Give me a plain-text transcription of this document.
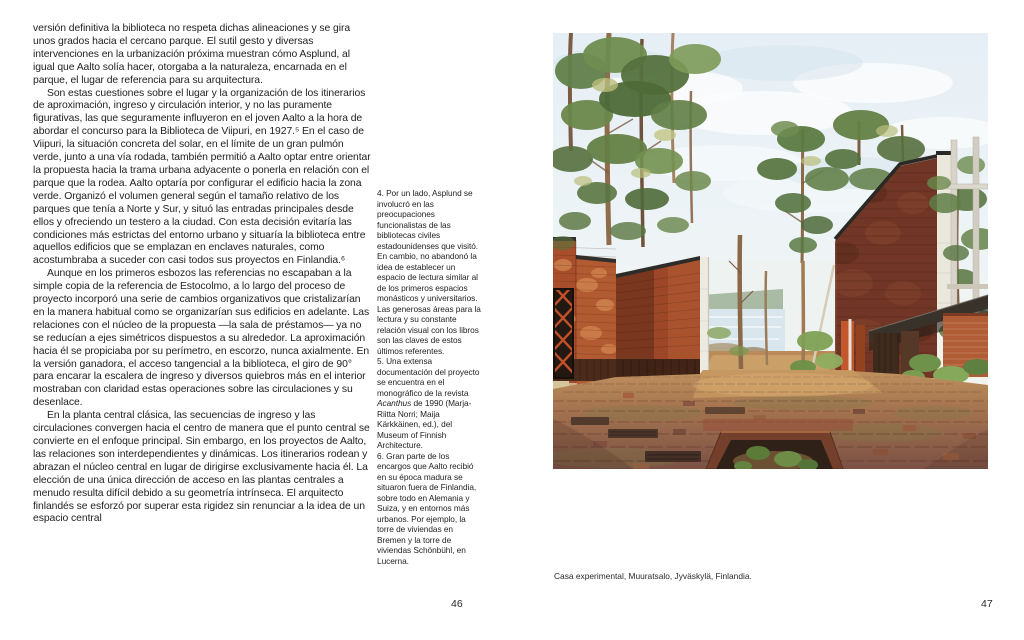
versión definitiva la biblioteca no respeta dichas alineaciones y se gira unos grados hacia el cercano parque. El sutil gesto y diversas intervenciones en la urbanización próxima muestran cómo Asplund, al igual que Aalto solía hacer, otorgaba a la naturaleza, encarnada en el parque, el lugar de referencia para su arquitectura.

Son estas cuestiones sobre el lugar y la organización de los itinerarios de aproximación, ingreso y circulación interior, y no las puramente figurativas, las que seguramente influyeron en el joven Aalto a la hora de abordar el concurso para la Biblioteca de Viipuri, en 1927.⁵ En el caso de Viipuri, la situación concreta del solar, en el límite de un gran pulmón verde, junto a una vía rodada, también permitió a Aalto optar entre orientar la propuesta hacia la trama urbana adyacente o ponerla en relación con el parque que la rodea. Aalto optaría por configurar el edificio hacia la zona verde. Organizó el volumen general según el tamaño relativo de los parques que tenía a Norte y Sur, y situó las entradas principales desde ellos y ofreciendo un testero a la ciudad. Con esta decisión evitaría las condiciones más estrictas del entorno urbano y situaría la biblioteca entre aquellos edificios que se emplazan en enclaves naturales, como acostumbraba a suceder con casi todos sus proyectos en Finlandia.⁶

Aunque en los primeros esbozos las referencias no escapaban a la simple copia de la referencia de Estocolmo, a lo largo del proceso de proyecto incorporó una serie de cambios organizativos que cristalizarían en la manera habitual como se organizarían sus edificios en adelante. Las relaciones con el núcleo de la propuesta —la sala de préstamos— ya no se reducían a ejes simétricos dispuestos a su alrededor. La aproximación hacia él se propiciaba por su perímetro, en escorzo, nunca axialmente. En la versión ganadora, el acceso tangencial a la biblioteca, el giro de 90° para encarar la escalera de ingreso y diversos quiebros más en el interior mostraban con claridad estas operaciones sobre las circulaciones y su desenlace.

En la planta central clásica, las secuencias de ingreso y las circulaciones convergen hacia el centro de manera que el punto central se convierte en el enfoque principal. Sin embargo, en los proyectos de Aalto, las relaciones son interdependientes y dinámicas. Los itinerarios rodean y abrazan el núcleo central en lugar de dirigirse exclusivamente hacia él. La elección de una única dirección de acceso en las plantas centrales a menudo resulta difícil debido a su geometría intrínseca. El arquitecto finlandés se esforzó por superar esta rigidez sin renunciar a la idea de un espacio central

4. Por un lado, Asplund se involucró en las preocupaciones funcionalistas de las bibliotecas civiles estadounidenses que visitó. En cambio, no abandonó la idea de establecer un espacio de lectura similar al de los primeros espacios monásticos y universitarios. Las generosas áreas para la lectura y su constante relación visual con los libros son las claves de estos últimos referentes.

5. Una extensa documentación del proyecto se encuentra en el monográfico de la revista Acanthus de 1990 (Marja-Riitta Norri; Maija Kärkkäinen, ed.), del Museum of Finnish Architecture.

6. Gran parte de los encargos que Aalto recibió en su época madura se situaron fuera de Finlandia, sobre todo en Alemania y Suiza, y en entornos más urbanos. Por ejemplo, la torre de viviendas en Bremen y la torre de viviendas Schönbühl, en Lucerna.

Casa experimental, Muuratsalo, Jyväskylä, Finlandia.
46	47
